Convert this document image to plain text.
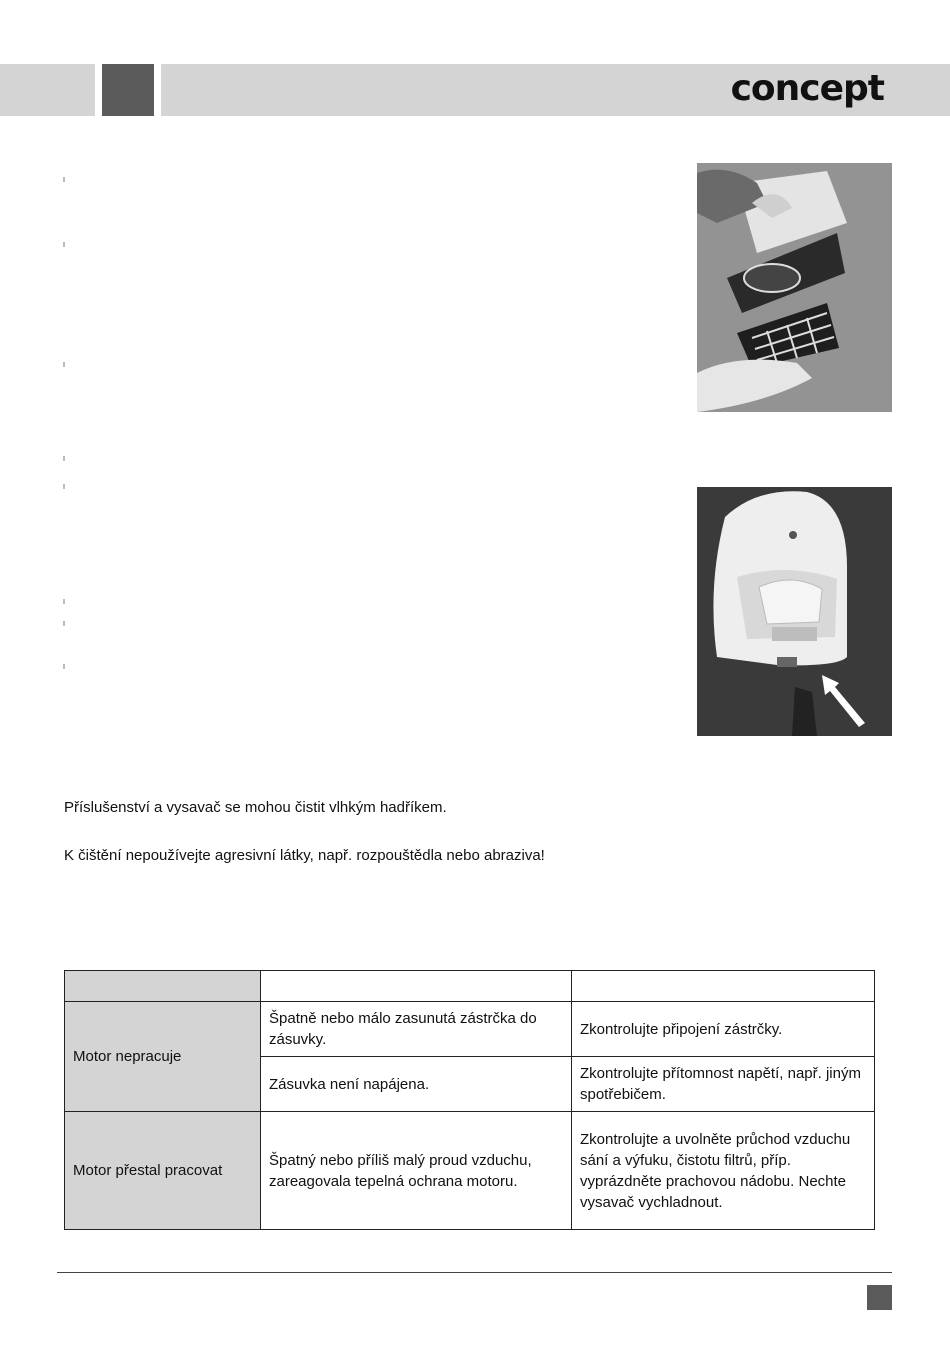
concept
Příslušenství a vysavač se mohou čistit vlhkým hadříkem.
K čištění nepoužívejte agresivní látky, např. rozpouštědla nebo abraziva!

Motor nepracuje	Špatně nebo málo zasunutá zástrčka do zásuvky.	Zkontrolujte připojení zástrčky.
	Zásuvka není napájena.	Zkontrolujte přítomnost napětí, např. jiným spotřebičem.
Motor přestal pracovat	Špatný nebo příliš malý proud vzduchu, zareagovala tepelná ochrana motoru.	Zkontrolujte a uvolněte průchod vzduchu sání a výfuku, čistotu filtrů, příp. vyprázdněte prachovou nádobu. Nechte vysavač vychladnout.
